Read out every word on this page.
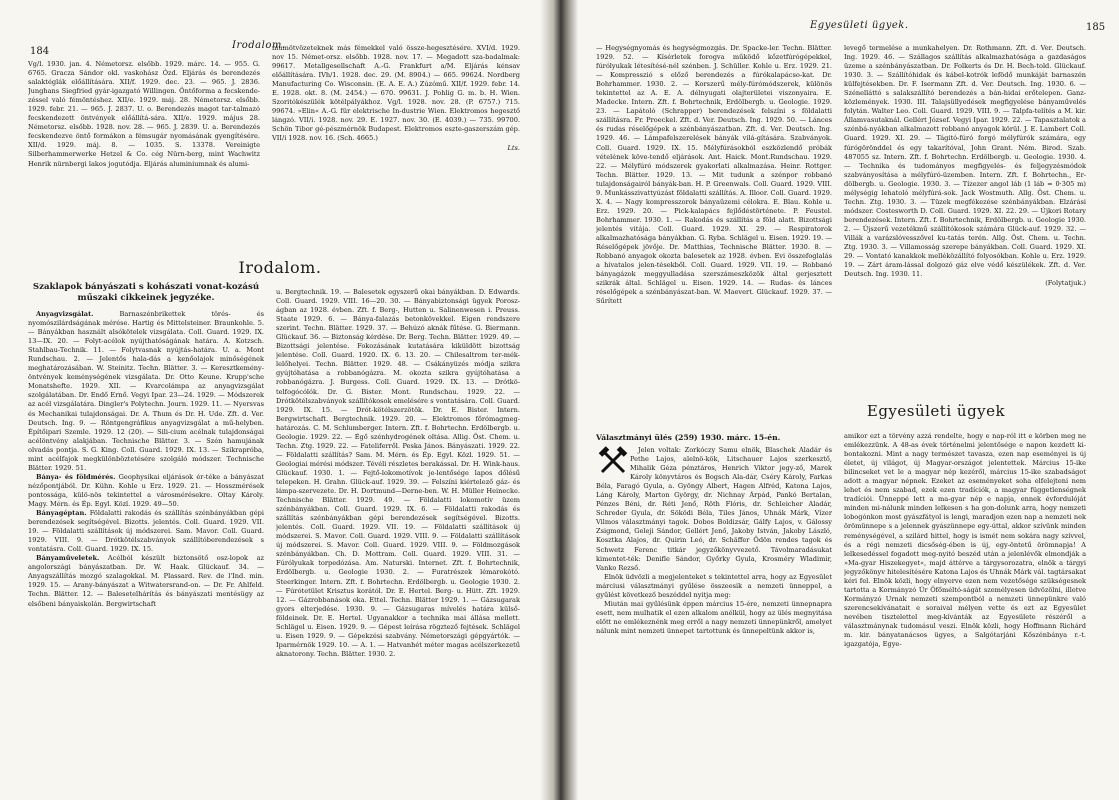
184
Irodalom.

Vg/l. 1930. jan. 4. Németorsz. elsőbb. 1929. márc. 14. — 955. G. 6765. Gracza Sándor okl. vaskohász Ózd. Eljárás és berendezés salaktéglák előállítására. XII/f. 1929. dec. 23. — 965. J. 2836. Junghans Siegfried gyár-igazgató Willingen. Öntőforma a fecskende-zéssel való fémöntéshez. XII/e. 1929. máj. 28. Németorsz. elsőbb. 1929. febr. 21. — 965. J. 2837. U. o. Berendezés magot tar-talmazó fecskendezett öntvények előállítá-sára. XII/e. 1929. május 28. Németorsz. elsőbb. 1928. nov. 28. — 965. J. 2839. U. a. Berendezés fecskendezve öntő formákon a fémsugár nyomásának gyengítésére. XII/d. 1929. máj. 8. — 1035. S. 13378. Vereinigte Silberhammerwerke Hetzel & Co. cég Nürn-berg, mint Wachwitz Henrik nürnbergi lakos jogutódja. Eljárás aluminiumnak és alumi-

niumötvözeteknek más fémekkel való össze-hegesztésére. XVI/d. 1929. nov 15. Német-orsz. elsőbb. 1928. nov. 17. — Megadott sza-badalmak: 99617. Metallgesellschaft A.-G. Frankfurt a/M. Eljárás kénsav előállítására. IVh/1. 1928. dec. 29. (M. 8904.) — 665. 99624. Nordberg Manufacturing Co. Wisconsin. (E. A. E. A.) Zúzómű. XII/f. 1929. febr. 14. E. 1928. okt. 8. (M. 2454.) — 670. 99631. J. Pohlig G. m. b. H. Wien. Szoritókészülék kötélpályákhoz. Vg/l. 1928. nov. 28. (P. 6757.) 715. 99674. »Elin« A.-G. für elektrische In-dustrie Wien. Elektromos hegesztő lángzó. VII/i. 1928. nov. 29. E. 1927. nov. 30. (E. 4039.) — 735. 99700. Schön Tibor gé-pészmérnök Budapest. Elektromos eszte-gaszerszám gép. VII/i 1928. nov. 16. (Sch. 4665.)

Lts.
Irodalom.
Szaklapok bányászati s kohászati vonat-kozású műszaki cikkeinek jegyzéke.

Anyagvizsgálat. Barnaszénbrikettek törés- és nyomószilárdságának mérése. Hartig és Mittelsteiner. Braunkohle. 5. — Bányákban használt alsókötelek vizsgálata. Coll. Guard. 1929. IX. 13—IX. 20. — Folyt-acélok nyújthatóságának határa. A. Kotzsch. Stahlbau-Technik. 11. — Folytvasnak nyújtás-határa. U. a. Mont Rundschau. 2. — Jelentős hala-dás a kenőolajok minőségének meghatározásában. W. Steinitz. Techn. Blätter. 3. — Keresztkemény-öntvények keménységének vizsgálata. Dr. Otto Keune. Krupp'sche Monatshefte. 1929. XII. — Kvarcolámpa az anyagvizsgálat szolgálatában. Dr. Endő Ernő. Vegyi Ipar. 23—24. 1929. — Módszerek az acél vizsgálatára. Dingler's Polytechn. Journ. 1929. 11. — Nyersvas és Mechanikai tulajdonságai. Dr. A. Thum és Dr. H. Ude. Zft. d. Ver. Deutsch. Ing. 9. — Röntgengráfikus anyagvizsgálat a mű-helyben. Építőipari Szemle. 1929. 12 (20). — Sili-cium acélnak tulajdonságai acélöntvény alakjában. Technische Blätter. 3. — Szén hamujának olvadás pontja. S. G. King. Coll. Guard. 1929. IX. 13. — Szikrapróba, mint acélfajok megkülönböztetésére szolgáló módszer. Technische Blätter. 1929. 51.

Bánya- és földmérés. Geophysikai eljárások ér-téke a bányászat nézőpontjából. Dr. Kühn. Kohle u Erz. 1929. 21. — Hosszmérések pontossága, külö-nös tekintettel a városmérésekre. Oltay Károly. Magy. Mérn. és Ép. Egyl. Közl. 1929. 49—50.

Bányagéptan. Földalatti rakodás és szállítás szénbányákban gépi berendezések segítségével. Bizotts. jelentés. Coll. Guard. 1929. VII. 19. — Földalatti szállítások új módszerei. Sam. Mavor. Coll. Guard. 1929. VIII. 9. — Drótkötélszabványok szállítóberendezések s vontatásra. Coll. Guard. 1929. IX. 15.

Bányaműveletek. Acélból készült biztonsötő osz-lopok az angolországi bányászatban. Dr. W. Haak. Glückauf. 34. — Anyagszállítás mozgó szalagokkal. M. Plassard. Rev. de l'Ind. min. 1929. 15. — Arany-bányászat a Witwatersrand-on. — Dr. Fr. Ahlfeld. Techn. Blätter. 12. — Balesetelhárítás és bányászati mentésügy az elsőbeni bányaiskolán. Bergwirtschaft

u. Bergtechnik. 19. — Balesetek egyszerű okai bányákban. D. Edwards. Coll. Guard. 1929. VIII. 16—20. 30. — Bányabiztonsági ügyek Porosz-ágban az 1928. évben. Zft. f. Berg-, Hutten u. Salinenwesen i. Preuss. Staate 1929. 6. — Bánya-falazás betonkövekkel. Eigen rendszere szerint. Techn. Blätter. 1929. 37. — Behúzó aknák fűtése. G. Biermann. Glückauf. 36. — Biztonság kérdése. Dr. Berg. Techn. Blätter. 1929. 49. — Bizottsági jelentése. Fokozásának kutatására kiküldött bizottság jelentése. Coll. Guard. 1920. IX. 6. 13. 20. — Chilesaltrom ter-mék-lelőhelyei. Techn. Blätter. 1929. 48. — Csákányüzés módja szikra gyújtóhatása a robbanógázra. M. okozta szikra gyújtóhatása a robbanógázra. J. Burgess. Coll. Guard. 1929. IX. 13. — Drótkö-telfogócólók. Dr. G. Bister. Mont. Rundschau. 1929. 22. — Drótkötélszabványok szállítókosok emelésére s vontatására. Coll. Guard. 1929. IX. 15. — Drót-kötélszerzötök. Dr. E. Bister. Intern. Bergwirtschaft. Bergtechnik. 1929. 20. — Elektromos főrómagmeg-határozás. C. M. Schlumberger. Intern. Zft. f. Bohrtechn. Erdölbergb. u. Geologie. 1929. 22. — Égő szénhydrogének oltása. Allig. Öst. Chem. u. Techn. Ztg. 1929. 22. — Fateliferről. Peska János. Bányászati. 1929. 22. — Földalatti szállítás? Sam. M. Mérn. és Ép. Egyl. Közl. 1929. 51. — Geologiai mérési módszer. Tévéli részletes berakással. Dr. H. Wink-haus. Glückauf. 1930. 1. — Fejtő-lokomotívok je-lentősége lapos dőlésű telepeken. H. Grahn. Glück-auf. 1929. 39. — Felszíni kiértelező gáz- és lámpa-szervezete. Dr. H. Dortmund—Derne-ben. W. H. Müller Heinecke. Technische Blätter. 1929. 49. — Földalatti lokomotív üzem szénbányákban. Coll. Guard. 1929. IX. 6. — Földalatti rakodás és szállítás szénbányákban gépi berendezések segítségével. Bizotts. jelentés. Coll. Guard. 1929. VII. 19. — Földalatti szállítások új módszerei. S. Mavor. Coll. Guard. 1929. VIII. 9. — Földalatti szállítások új módszerei. S. Mavor. Coll. Guard. 1929. VIII. 9. — Földmozgások szénbányákban. Ch. D. Mottram. Coll. Guard. 1929. VIII. 31. — Fúrólyukak torpedózása. Am. Naturski. Internet. Zft. f. Bohrtechnik, Erdölbergb. u. Geologie 1930. 2. — Furatrészek lémarokótó. Steerkinger. Intern. Zft. f. Bohrtechn. Erdölbergb. u. Geologie 1930. 2. — Fúrótetület Krisztus korától. Dr. E. Hertel. Berg- u. Hütt. Zft. 1929. 12. — Gázrobbanások oka. Ettel. Techn. Blätter 1929. 1. — Gázsugarak gyors elterjedése. 1930. 9. — Gázsugaras mívelés határa külső-földeinek. Dr. E. Hertel. Ugyanakkor a technika mai állása mellett. Schlägel u. Eisen. 1929. 9. — Gépest leírása rögztező fejtések. Schlägel u. Eisen 1929. 9. — Gépekzési szabvány. Németországi gépgyártók. — Iparmérnök 1929. 10. — A. 1. — Hatvanhét méter magas acélszerkezetű aknatorony. Techn. Blätter. 1930. 2.

Egyesületi ügyek.	185

— Hegységnyomás és hegységmozgás. Dr. Spacke-ler. Techn. Blätter. 1929. 52. — Kísérletek forogva működő kőzetfúrógépekkel, fúrólyukak létesítésé-nél szénben. J. Schüller. Kohle u. Erz. 1929. 21. — Kompresszió s előző berendezés a fúrókalapácso-kat. Dr. Bohrhammer. 1930. 2. — Korszerű mély-fúrómódszerek, különös tekintettel az A. E. A. délnyugati olajterületei viszonyaira. E. Madecke. Intern. Zft. f. Bohrtechnik, Erdölbergb. u. Geologie. 1929. 23. — Lapátoló (Schrapper) berendezések felszíni s földalatti szállításra. Fr. Proeckel. Zft. d. Ver. Deutsch. Ing. 1929. 50. — Lánces és rudas réselőgépek a szénbányászatban. Zft. d. Ver. Deutsch. Ing. 1929. 46. — Lámpafelszerelések bányák vilá-gítására. Szabványok. Coll. Guard. 1929. IX. 15. Mélyfúrásokból eszközlendő próbák vételének köve-tendő eljárások. Ant. Haick. Mont.Rundschau. 1929. 22. — Mélyfúró módszerek gyakorlati alkalmazása. Heinr. Rottger. Techn. Blätter. 1929. 13. — Mit tudunk a szénpor robbanó tulajdonságairól bányák-ban. H. P. Greenwals. Coll. Guard. 1929. VIII. 9. Munkásszivattyúzást földalatti szállítás. A. Illoor. Coll. Guard. 1929. X. 4. — Nagy kompresszorok bányaüzemi célokra. E. Blau. Kohle u. Erz. 1929. 20. — Pick-kalapács fejlődéstörténete. P. Feustel. Bohrhammer. 1930. 1. — Rakodás és szállítás a föld alatt. Bizottsági jelentés vitája. Coll. Guard. 1929. XI. 29. — Respiratorok alkalmazhatósága bányákban. G. Ryba. Schlägel u. Eisen. 1929. 19. — Réselőgépek jövője. Dr. Matthias, Technische Blätter. 1930. 8. — Robbanó anyagok okozta balesetek az 1928. évben. Evi összefoglalás a hivatalos jelen-tésekből. Coll. Guard. 1929. VII. 19. — Robbanó bányagázok meggyulladása szerszámeszközök által gerjesztett szikrák által. Schlägel u. Eisen. 1929. 14. — Rudas- és lánces réselőgépek a szénbányászat-ban. W. Maevert. Glückauf. 1929. 37. — Sűrített

levegő termelése a munkahelyen. Dr. Rothmann. Zft. d. Ver. Deutsch. Ing. 1929. 46. — Szállagos szállítás alkalmazhatósága a gazdaságos üzeme a szénbányászatban. Dr. Folkerts és Dr. H. Bech-told. Glückauf. 1930. 3. — Szállítóhidak és kábel-kotrók lefödő munkáját barnaszén külfejtésekben. Dr. F. Isermann Zft. d. Ver. Deutsch. Ing. 1930. 6. — Szénelláttó s salakszállító berendezés a bán-hidai erőtelepen. Ganz-közlemények. 1930. III. Talajsüllyedések megfigyelése bányaművelés folytán. Walter Leo. Coll. Guard. 1929. VIII. 9. — Talpfa-telítés a M. kir. Államvasutaknál. Gellért József. Vegyi Ipar. 1929. 22. — Tapasztalatok a szénbá-nyákban alkalmazott robbanó anyagok körül. J. E. Lambert Coll. Guard. 1929. XI. 29. — Tágitó-fúró forgó mélyfúrók számára, egy fúrógörönddel és egy takarítóval, John Grant. Ném. Birod. Szab. 487055 sz. Intern. Zft. f. Bohrtechn. Erdölbergb. u. Geologie. 1930. 4. — Technika és tudományos megfigyelés- és feljegyzésmódok szabványosítása a mélyfúró-üzemben. Intern. Zft. f. Bohrtechn., Er-dölbergb. u. Geologie. 1930. 3. — Tízezer angol láb (1 láb = 0·305 m) mélységig lehatoló mélyfúrá-sok. Jack Wostmuth. Allg. Öst. Chem. u. Techn. Ztg. 1930. 3. — Tüzek megfékezése szénbányákban. Elzárási módszer. Costesworth D. Coll. Guard. 1929. XI. 22. 29. — Újkori Rotary berendezések. Intern. Zft. f. Bohrtechnik, Erdölbergb. u. Geologie 1930. 2. — Újszerű vezetékmű szállítókosok számára Glück-auf. 1929. 32. — Villák a varázslóvesszővel ku-tatás terén. Allg. Öst. Chem. u. Techn. Ztg. 1930. 3. — Villamosság szerepe bányákban. Coll. Guard. 1929. XI. 29. — Vontató kanakkok melléközállító folyosókban. Kohle u. Erz. 1929. 19. — Zárt áram-lással dolgozó gáz elve védő készülékek. Zft. d. Ver. Deutsch. Ing. 1930. 11.

(Folytatjuk.)
Egyesületi ügyek
Választmányi ülés (259) 1930. márc. 15-én.

Jelen voltak: Zorkóczy Samu elnök, Blaschek Aladár és Pethe Lajos, alelnö-kök, Litschauer Lajos szerkesztő, Mihalik Géza pénztáros, Henrich Viktor jegy-ző, Marek Károly könyvtáros és Bogsch Ala-dár, Cséry Károly, Farkas Béla, Faragó Gyula, a. Gyöngy Albert, Hagen Alfréd, Katona Lajos, Láng Károly, Marton György, dr. Nichnay Árpád, Pankó Bertalan, Pénzes Béni, dr. Réti Jenő, Röth Flóris, dr. Schleicher Aladár, Schreder Gyula, dr. Söködi Béla, Tiles János, Uhnák Márk, Vízer Vilmos választmányi tagok. Dobos Boldizsár, Gálfy Lajos, v. Gálossy Zsigmond, Geleji Sándor, Gellért Jenő, Jakoby István, Jakoby László, Kosztka Alajos, dr. Quirin Leó, dr. Schäffer Ödön rendes tagok és Schwetz Ferenc titkár jegyzőkönyvvezető. Távolmaradásukat kimentet-ték: Denifle Sándor, Győrky Gyula, Krosméry Wladimir, Vanko Rezső.

Elnök üdvözli a megjelenteket s tekintettel arra, hogy az Egyesület márciusi választmányi gyűlése összeesik a nemzeti ünneppel, a gyűlést következő beszéddel nyitja meg:

Miután mai gyűlésünk éppen március 15-ére, nemzeti ünnepnapra esett, nem mulhatik el ezen alkalom anélkül, hogy az ülés megnyitása előtt ne emlékeznénk meg erről a nagy nemzeti ünnepünkről, amelyet nálunk mint nemzeti ünnepet tartottunk és ünnepeltünk akkor is,

amikor ezt a törvény azzá rendelte, hogy e nap-ról itt e körben meg ne emlékezzünk. A 48-as évek történelmi jelentősége e napon kezdett ki-bontakozni. Mint a nagy természet tavasza, ezen nap eseményei is új életet, új világot, új Magyar-országot jelentettek. Március 15-ike bilincseket vet le a magyar nép kezéről, március 15-ike szabadságot adott a magyar népnek. Ezeket az eseményeket soha elfelejteni nem lehet és nem szabad, ezek ezen tradíciók, a magyar függetlenségnek tradíciói. Ünneppé lett a ma-gyar nép e napja, ennek évfordulóját minden mi-nálunk minden lelkesen s ha gon-dolunk arra, hogy nemzeti lobogónkon most gyászfátyol is lengi, maradjon ezen nap a nemzeti nek örömünnepe s a jelennek gyászünnepe egy-úttal, akkor szívünk minden reménységével, a szilárd hittel, hogy is ismét nem sokára nagy szívvel, és a régi nemzeti dicsőség-ében is új, egy-öntetű örömnapja! A lelkesedéssel fogadott meg-nyitó beszéd után a jelenlévők elmondják a »Ma-gyar Hiszekegyet«, majd áttérve a tárgysorozatra, elnök a tárgyi jegyzőkönyv hitelesítésére Katona Lajos és Uhnák Márk vál. tagtársakat kéri fel. Elnök közli, hogy elnyerve ezen nem vezetősége szükségesnek tartotta a Kormányzó Úr Őfőméltó-ságát személyesen üdvözölni, illetve Kormányzó Urnak nemzeti szempontból a nemzeti ünnepünkre való szerencsekívánatait e soraival mélyen vette és ezt az Egyesület nevében tisztelettel meg-kívánták az Egyesülete részéről a választmánynak tudomásul veszi. Elnök közli, hogy Hoffmann Richárd m. kir. bányatanácsos ügyes, a Salgótarjáni Kőszénbánya r.-t. igazgatója, Egye-
